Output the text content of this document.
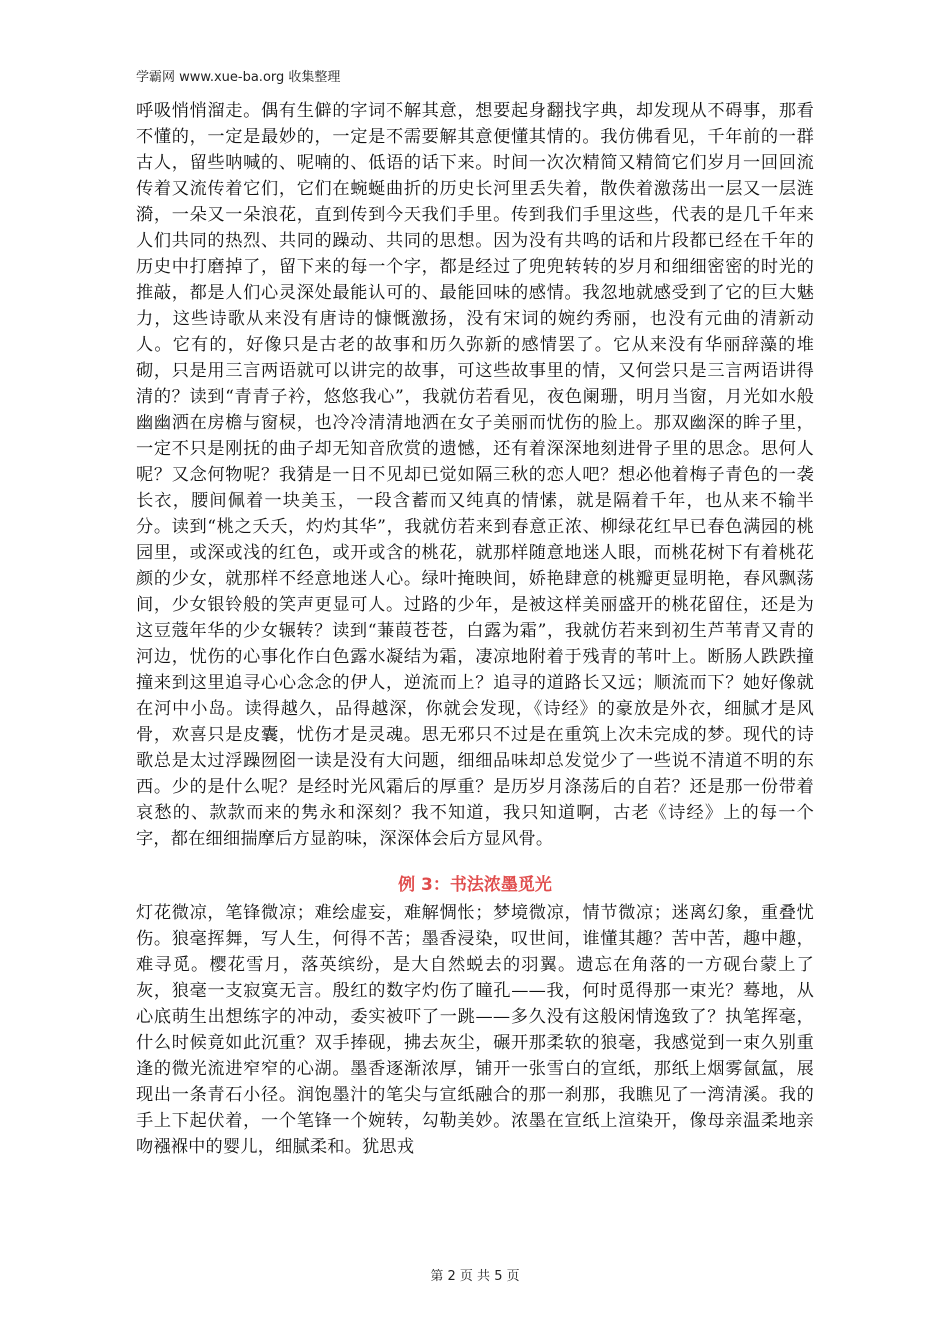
学霸网 www.xue-ba.org 收集整理

呼吸悄悄溜走。偶有生僻的字词不解其意，想要起身翻找字典，却发现从不碍事，那看不懂的，一定是最妙的，一定是不需要解其意便懂其情的。我仿佛看见，千年前的一群古人，留些呐喊的、呢喃的、低语的话下来。时间一次次精简又精简它们岁月一回回流传着又流传着它们，它们在蜿蜒曲折的历史长河里丢失着，散佚着激荡出一层又一层涟漪，一朵又一朵浪花，直到传到今天我们手里。传到我们手里这些，代表的是几千年来人们共同的热烈、共同的躁动、共同的思想。因为没有共鸣的话和片段都已经在千年的历史中打磨掉了，留下来的每一个字，都是经过了兜兜转转的岁月和细细密密的时光的推敲，都是人们心灵深处最能认可的、最能回味的感情。我忽地就感受到了它的巨大魅力，这些诗歌从来没有唐诗的慷慨激扬，没有宋词的婉约秀丽，也没有元曲的清新动人。它有的，好像只是古老的故事和历久弥新的感情罢了。它从来没有华丽辞藻的堆砌，只是用三言两语就可以讲完的故事，可这些故事里的情，又何尝只是三言两语讲得清的？读到“青青子衿，悠悠我心”，我就仿若看见，夜色阑珊，明月当窗，月光如水般幽幽洒在房檐与窗棂，也冷冷清清地洒在女子美丽而忧伤的脸上。那双幽深的眸子里，一定不只是刚抚的曲子却无知音欣赏的遗憾，还有着深深地刻进骨子里的思念。思何人呢？又念何物呢？我猜是一日不见却已觉如隔三秋的恋人吧？想必他着梅子青色的一袭长衣，腰间佩着一块美玉，一段含蓄而又纯真的情愫，就是隔着千年，也从来不输半分。读到“桃之夭夭，灼灼其华”，我就仿若来到春意正浓、柳绿花红早已春色满园的桃园里，或深或浅的红色，或开或含的桃花，就那样随意地迷人眼，而桃花树下有着桃花颜的少女，就那样不经意地迷人心。绿叶掩映间，娇艳肆意的桃瓣更显明艳，春风飘荡间，少女银铃般的笑声更显可人。过路的少年，是被这样美丽盛开的桃花留住，还是为这豆蔻年华的少女辗转？读到“蒹葭苍苍，白露为霜”，我就仿若来到初生芦苇青又青的河边，忧伤的心事化作白色露水凝结为霜，凄凉地附着于残青的苇叶上。断肠人跌跌撞撞来到这里追寻心心念念的伊人，逆流而上？追寻的道路长又远；顺流而下？她好像就在河中小岛。读得越久，品得越深，你就会发现，《诗经》的豪放是外衣，细腻才是风骨，欢喜只是皮囊，忧伤才是灵魂。思无邪只不过是在重筑上次未完成的梦。现代的诗歌总是太过浮躁囫囵一读是没有大问题，细细品味却总发觉少了一些说不清道不明的东西。少的是什么呢？是经时光风霜后的厚重？是历岁月涤荡后的自若？还是那一份带着哀愁的、款款而来的隽永和深刻？我不知道，我只知道啊，古老《诗经》上的每一个字，都在细细揣摩后方显韵味，深深体会后方显风骨。

例 3：书法浓墨觅光

灯花微凉，笔锋微凉；难绘虚妄，难解惆怅；梦境微凉，情节微凉；迷离幻象，重叠忧伤。狼毫挥舞，写人生，何得不苦；墨香浸染，叹世间，谁懂其趣？苦中苦，趣中趣，难寻觅。樱花雪月，落英缤纷，是大自然蜕去的羽翼。遗忘在角落的一方砚台蒙上了灰，狼毫一支寂寞无言。殷红的数字灼伤了瞳孔——我，何时觅得那一束光？蓦地，从心底萌生出想练字的冲动，委实被吓了一跳——多久没有这般闲情逸致了？执笔挥毫，什么时候竟如此沉重？双手捧砚，拂去灰尘，碾开那柔软的狼毫，我感觉到一束久别重逢的微光流进窄窄的心湖。墨香逐渐浓厚，铺开一张雪白的宣纸，那纸上烟雾氤氲，展现出一条青石小径。润饱墨汁的笔尖与宣纸融合的那一刹那，我瞧见了一湾清溪。我的手上下起伏着，一个笔锋一个婉转，勾勒美妙。浓墨在宣纸上渲染开，像母亲温柔地亲吻襁褓中的婴儿，细腻柔和。犹思戎

第 2 页 共 5 页
